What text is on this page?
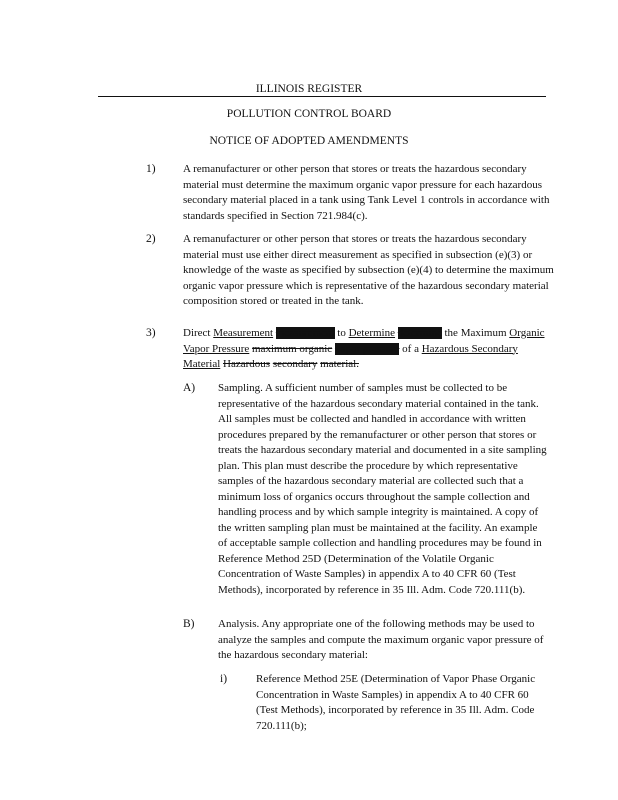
ILLINOIS REGISTER
POLLUTION CONTROL BOARD
NOTICE OF ADOPTED AMENDMENTS
1) A remanufacturer or other person that stores or treats the hazardous secondary material must determine the maximum organic vapor pressure for each hazardous secondary material placed in a tank using Tank Level 1 controls in accordance with standards specified in Section 721.984(c).
2) A remanufacturer or other person that stores or treats the hazardous secondary material must use either direct measurement as specified in subsection (e)(3) or knowledge of the waste as specified by subsection (e)(4) to determine the maximum organic vapor pressure which is representative of the hazardous secondary material composition stored or treated in the tank.
3) Direct Measurement measurement to Determine determine the Maximum Organic Vapor Pressure maximum organic vapor pressure of a Hazardous Secondary Material Hazardous secondary material.
A) Sampling. A sufficient number of samples must be collected to be representative of the hazardous secondary material contained in the tank. All samples must be collected and handled in accordance with written procedures prepared by the remanufacturer or other person that stores or treats the hazardous secondary material and documented in a site sampling plan. This plan must describe the procedure by which representative samples of the hazardous secondary material are collected such that a minimum loss of organics occurs throughout the sample collection and handling process and by which sample integrity is maintained. A copy of the written sampling plan must be maintained at the facility. An example of acceptable sample collection and handling procedures may be found in Reference Method 25D (Determination of the Volatile Organic Concentration of Waste Samples) in appendix A to 40 CFR 60 (Test Methods), incorporated by reference in 35 Ill. Adm. Code 720.111(b).
B) Analysis. Any appropriate one of the following methods may be used to analyze the samples and compute the maximum organic vapor pressure of the hazardous secondary material:
i)	Reference Method 25E (Determination of Vapor Phase Organic Concentration in Waste Samples) in appendix A to 40 CFR 60 (Test Methods), incorporated by reference in 35 Ill. Adm. Code 720.111(b);
